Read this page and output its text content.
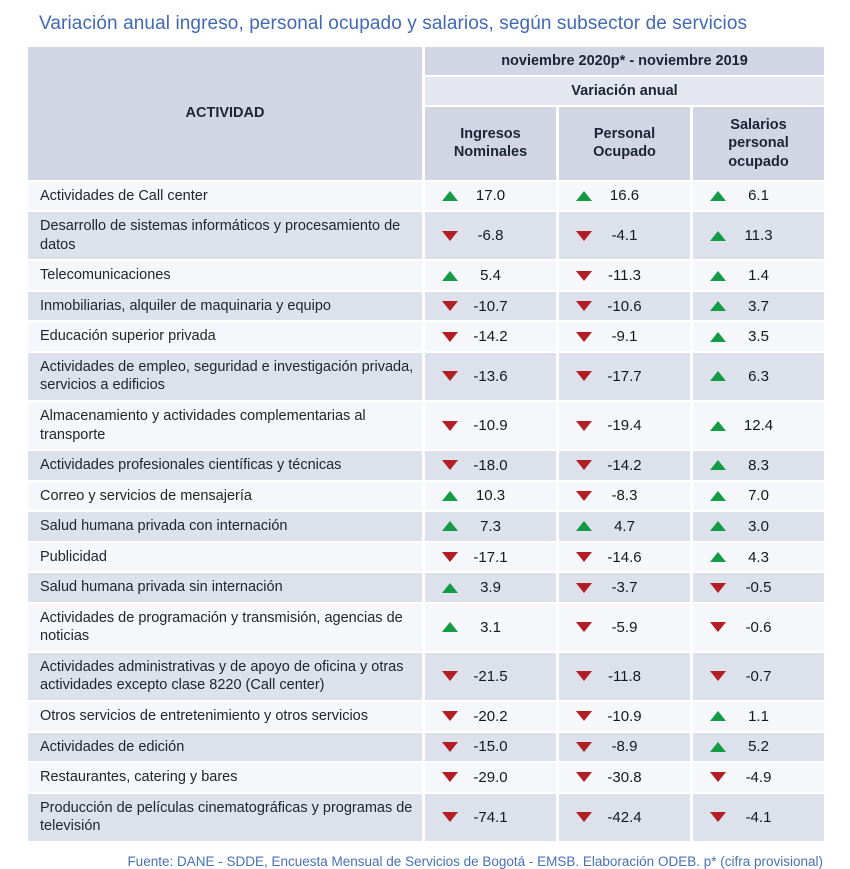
Variación anual ingreso, personal ocupado y salarios, según subsector de servicios
ACTIVIDAD	noviembre 2020p* - noviembre 2019		
	Variación anual		
	Ingresos Nominales	Personal Ocupado	Salarios personal ocupado
Actividades de Call center	17.0	16.6	6.1
Desarrollo de sistemas informáticos y procesamiento de datos	-6.8	-4.1	11.3
Telecomunicaciones	5.4	-11.3	1.4
Inmobiliarias, alquiler de maquinaria y equipo	-10.7	-10.6	3.7
Educación superior privada	-14.2	-9.1	3.5
Actividades de empleo, seguridad e investigación privada, servicios a edificios	-13.6	-17.7	6.3
Almacenamiento y actividades complementarias al transporte	-10.9	-19.4	12.4
Actividades profesionales científicas y técnicas	-18.0	-14.2	8.3
Correo y servicios de mensajería	10.3	-8.3	7.0
Salud humana privada con internación	7.3	4.7	3.0
Publicidad	-17.1	-14.6	4.3
Salud humana privada sin internación	3.9	-3.7	-0.5
Actividades de programación y transmisión, agencias de noticias	3.1	-5.9	-0.6
Actividades administrativas y de apoyo de oficina y otras actividades excepto clase 8220 (Call center)	-21.5	-11.8	-0.7
Otros servicios de entretenimiento y otros servicios	-20.2	-10.9	1.1
Actividades de edición	-15.0	-8.9	5.2
Restaurantes, catering y bares	-29.0	-30.8	-4.9
Producción de películas cinematográficas y programas de televisión	-74.1	-42.4	-4.1
Fuente: DANE - SDDE, Encuesta Mensual de Servicios de Bogotá - EMSB. Elaboración ODEB. p* (cifra provisional)
